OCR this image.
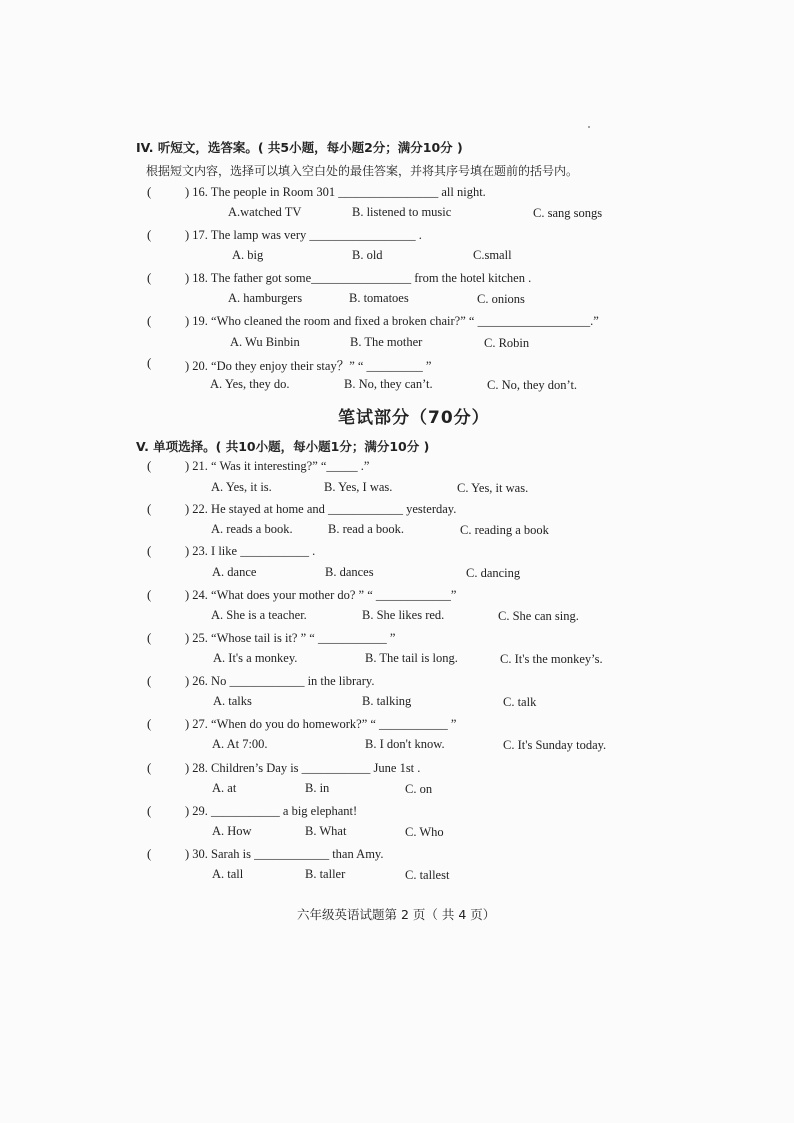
IV. 听短文，选答案。( 共5小题，每小题2分；满分10分 )
根据短文内容，选择可以填入空白处的最佳答案，并将其序号填在题前的括号内。
(	) 16. The people in Room 301 ________________ all night.
A.watched TV	B. listened to music	C. sang songs
(	) 17. The lamp was very _________________ .
A. big	B. old	C.small
(	) 18. The father got some________________ from the hotel kitchen .
A. hamburgers	B. tomatoes	C. onions
(	) 19. “Who cleaned the room and fixed a broken chair?” “ __________________.”
A. Wu Binbin	B. The mother	C. Robin
(	) 20. “Do they enjoy their stay？” “ _________ ”
A. Yes, they do.	B. No, they can’t.	C. No, they don’t.
笔试部分（70分）
V. 单项选择。( 共10小题，每小题1分；满分10分 )
(	) 21. “ Was it interesting?” “_____ .”
A. Yes, it is.	B. Yes, I was.	C. Yes, it was.
(	) 22. He stayed at home and ____________ yesterday.
A. reads a book.	B. read a book.	C. reading a book
(	) 23. I like ___________ .
A. dance	B. dances	C. dancing
(	) 24. “What does your mother do? ” “ ____________”
A. She is a teacher.	B. She likes red.	C. She can sing.
(	) 25. “Whose tail is it? ” “ ___________ ”
A. It's a monkey.	B. The tail is long.	C. It's the monkey’s.
(	) 26. No ____________ in the library.
A. talks	B. talking	C. talk
(	) 27. “When do you do homework?” “ ___________ ”
A. At 7:00.	B. I don't know.	C. It's Sunday today.
(	) 28. Children’s Day is ___________ June 1st .
A. at	B. in	C. on
(	) 29. ___________ a big elephant!
A. How	B. What	C. Who
(	) 30. Sarah is ____________ than Amy.
A. tall	B. taller	C. tallest
六年级英语试题第 2 页（ 共 4 页）
